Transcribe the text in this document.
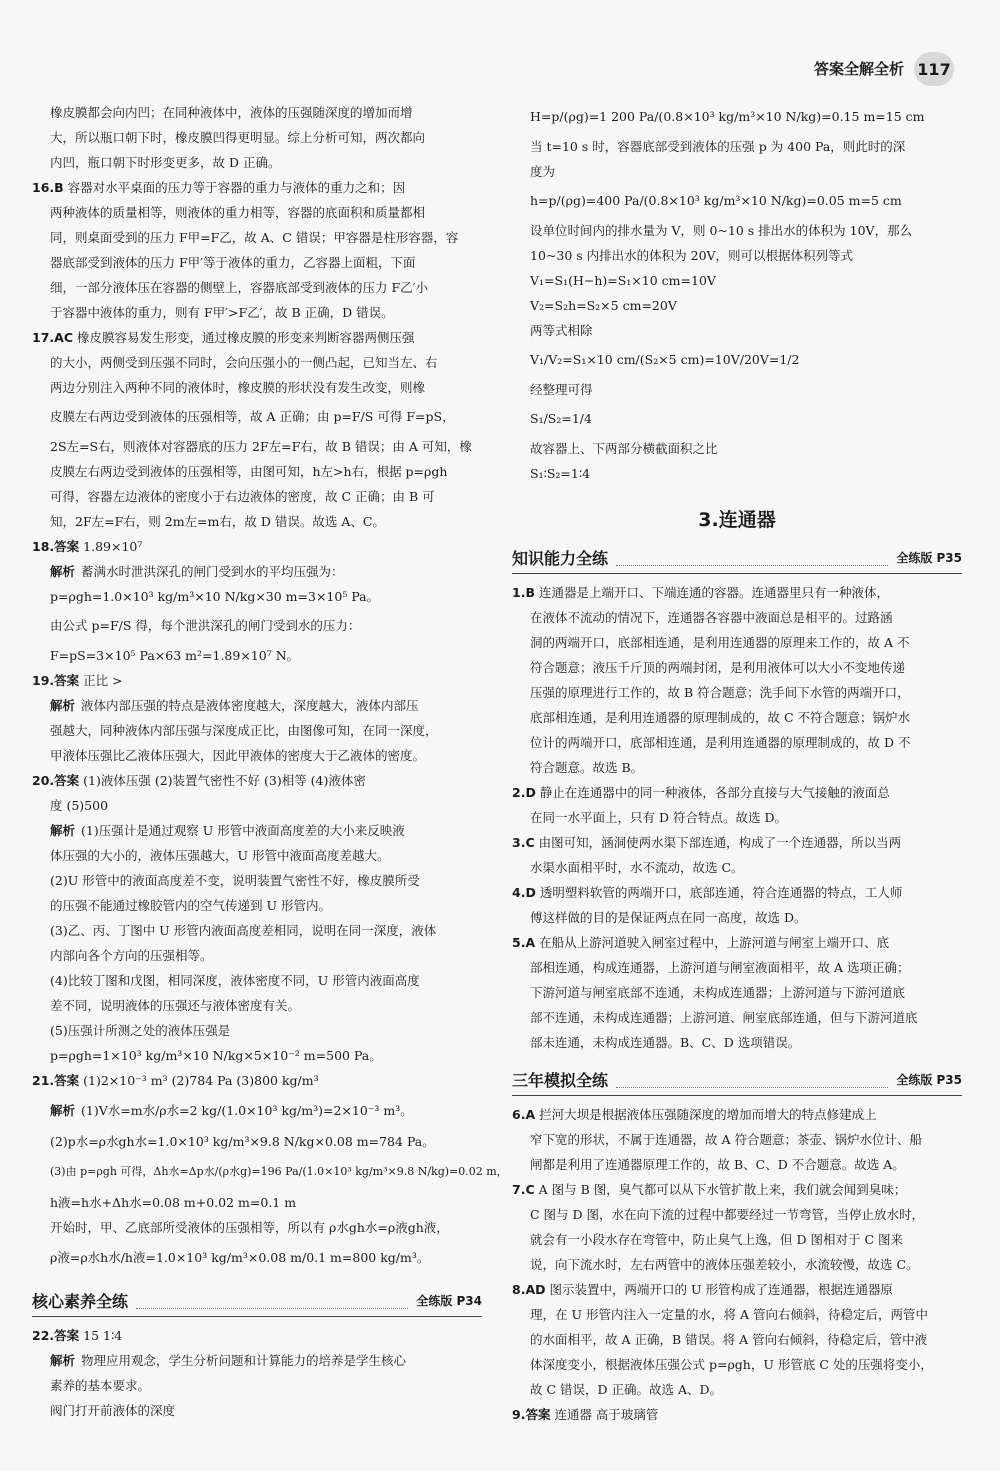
答案全解全析 117

橡皮膜都会向内凹；在同种液体中，液体的压强随深度的增加而增

大，所以瓶口朝下时，橡皮膜凹得更明显。综上分析可知，两次都向

内凹，瓶口朝下时形变更多，故 D 正确。

16.B 容器对水平桌面的压力等于容器的重力与液体的重力之和；因

两种液体的质量相等，则液体的重力相等，容器的底面积和质量都相

同，则桌面受到的压力 F甲=F乙，故 A、C 错误；甲容器是柱形容器，容

器底部受到液体的压力 F甲′等于液体的重力，乙容器上面粗，下面

细，一部分液体压在容器的侧壁上，容器底部受到液体的压力 F乙′小

于容器中液体的重力，则有 F甲′>F乙′，故 B 正确，D 错误。

17.AC 橡皮膜容易发生形变，通过橡皮膜的形变来判断容器两侧压强

的大小，两侧受到压强不同时，会向压强小的一侧凸起，已知当左、右

两边分别注入两种不同的液体时，橡皮膜的形状没有发生改变，则橡

皮膜左右两边受到液体的压强相等，故 A 正确；由 p=F/S 可得 F=pS，

2S左=S右，则液体对容器底的压力 2F左=F右，故 B 错误；由 A 可知，橡

皮膜左右两边受到液体的压强相等，由图可知，h左>h右，根据 p=ρgh

可得，容器左边液体的密度小于右边液体的密度，故 C 正确；由 B 可

知，2F左=F右，则 2m左=m右，故 D 错误。故选 A、C。

18.答案 1.89×10⁷

解析 蓄满水时泄洪深孔的闸门受到水的平均压强为：

p=ρgh=1.0×10³ kg/m³×10 N/kg×30 m=3×10⁵ Pa。

由公式 p=F/S 得，每个泄洪深孔的闸门受到水的压力：

F=pS=3×10⁵ Pa×63 m²=1.89×10⁷ N。

19.答案 正比 >

解析 液体内部压强的特点是液体密度越大，深度越大，液体内部压

强越大，同种液体内部压强与深度成正比，由图像可知，在同一深度，

甲液体压强比乙液体压强大，因此甲液体的密度大于乙液体的密度。

20.答案 (1)液体压强 (2)装置气密性不好 (3)相等 (4)液体密

度 (5)500

解析 (1)压强计是通过观察 U 形管中液面高度差的大小来反映液

体压强的大小的，液体压强越大，U 形管中液面高度差越大。

(2)U 形管中的液面高度差不变，说明装置气密性不好，橡皮膜所受

的压强不能通过橡胶管内的空气传递到 U 形管内。

(3)乙、丙、丁图中 U 形管内液面高度差相同，说明在同一深度，液体

内部向各个方向的压强相等。

(4)比较丁图和戊图，相同深度，液体密度不同，U 形管内液面高度

差不同，说明液体的压强还与液体密度有关。

(5)压强计所测之处的液体压强是

p=ρgh=1×10³ kg/m³×10 N/kg×5×10⁻² m=500 Pa。

21.答案 (1)2×10⁻³ m³ (2)784 Pa (3)800 kg/m³

解析 (1)V水=m水/ρ水=2 kg/(1.0×10³ kg/m³)=2×10⁻³ m³。

(2)p水=ρ水gh水=1.0×10³ kg/m³×9.8 N/kg×0.08 m=784 Pa。

(3)由 p=ρgh 可得，Δh水=Δp水/(ρ水g)=196 Pa/(1.0×10³ kg/m³×9.8 N/kg)=0.02 m，

h液=h水+Δh水=0.08 m+0.02 m=0.1 m

开始时，甲、乙底部所受液体的压强相等，所以有 ρ水gh水=ρ液gh液，

ρ液=ρ水h水/h液=1.0×10³ kg/m³×0.08 m/0.1 m=800 kg/m³。

核心素养全练	全练版 P34

22.答案 15 1∶4

解析 物理应用观念，学生分析问题和计算能力的培养是学生核心

素养的基本要求。

阀门打开前液体的深度

H=p/(ρg)=1 200 Pa/(0.8×10³ kg/m³×10 N/kg)=0.15 m=15 cm

当 t=10 s 时，容器底部受到液体的压强 p 为 400 Pa，则此时的深

度为

h=p/(ρg)=400 Pa/(0.8×10³ kg/m³×10 N/kg)=0.05 m=5 cm

设单位时间内的排水量为 V，则 0~10 s 排出水的体积为 10V，那么

10~30 s 内排出水的体积为 20V，则可以根据体积列等式

V₁=S₁(H−h)=S₁×10 cm=10V

V₂=S₂h=S₂×5 cm=20V

两等式相除

V₁/V₂=S₁×10 cm/(S₂×5 cm)=10V/20V=1/2

经整理可得

S₁/S₂=1/4

故容器上、下两部分横截面积之比

S₁∶S₂=1∶4

3.连通器
知识能力全练	全练版 P35

1.B 连通器是上端开口、下端连通的容器。连通器里只有一种液体，

在液体不流动的情况下，连通器各容器中液面总是相平的。过路涵

洞的两端开口，底部相连通，是利用连通器的原理来工作的，故 A 不

符合题意；液压千斤顶的两端封闭，是利用液体可以大小不变地传递

压强的原理进行工作的，故 B 符合题意；洗手间下水管的两端开口，

底部相连通，是利用连通器的原理制成的，故 C 不符合题意；锅炉水

位计的两端开口，底部相连通，是利用连通器的原理制成的，故 D 不

符合题意。故选 B。

2.D 静止在连通器中的同一种液体，各部分直接与大气接触的液面总

在同一水平面上，只有 D 符合特点。故选 D。

3.C 由图可知，涵洞使两水渠下部连通，构成了一个连通器，所以当两

水渠水面相平时，水不流动，故选 C。

4.D 透明塑料软管的两端开口，底部连通，符合连通器的特点，工人师

傅这样做的目的是保证两点在同一高度，故选 D。

5.A 在船从上游河道驶入闸室过程中，上游河道与闸室上端开口、底

部相连通，构成连通器，上游河道与闸室液面相平，故 A 选项正确；

下游河道与闸室底部不连通，未构成连通器；上游河道与下游河道底

部不连通，未构成连通器；上游河道、闸室底部连通，但与下游河道底

部未连通，未构成连通器。B、C、D 选项错误。

三年模拟全练	全练版 P35

6.A 拦河大坝是根据液体压强随深度的增加而增大的特点修建成上

窄下宽的形状，不属于连通器，故 A 符合题意；茶壶、锅炉水位计、船

闸都是利用了连通器原理工作的，故 B、C、D 不合题意。故选 A。

7.C A 图与 B 图，臭气都可以从下水管扩散上来，我们就会闻到臭味；

C 图与 D 图，水在向下流的过程中都要经过一节弯管，当停止放水时，

就会有一小段水存在弯管中，防止臭气上逸，但 D 图相对于 C 图来

说，向下流水时，左右两管中的液体压强差较小，水流较慢，故选 C。

8.AD 图示装置中，两端开口的 U 形管构成了连通器，根据连通器原

理，在 U 形管内注入一定量的水，将 A 管向右倾斜，待稳定后，两管中

的水面相平，故 A 正确，B 错误。将 A 管向右倾斜，待稳定后，管中液

体深度变小，根据液体压强公式 p=ρgh，U 形管底 C 处的压强将变小，

故 C 错误，D 正确。故选 A、D。

9.答案 连通器 高于玻璃管
